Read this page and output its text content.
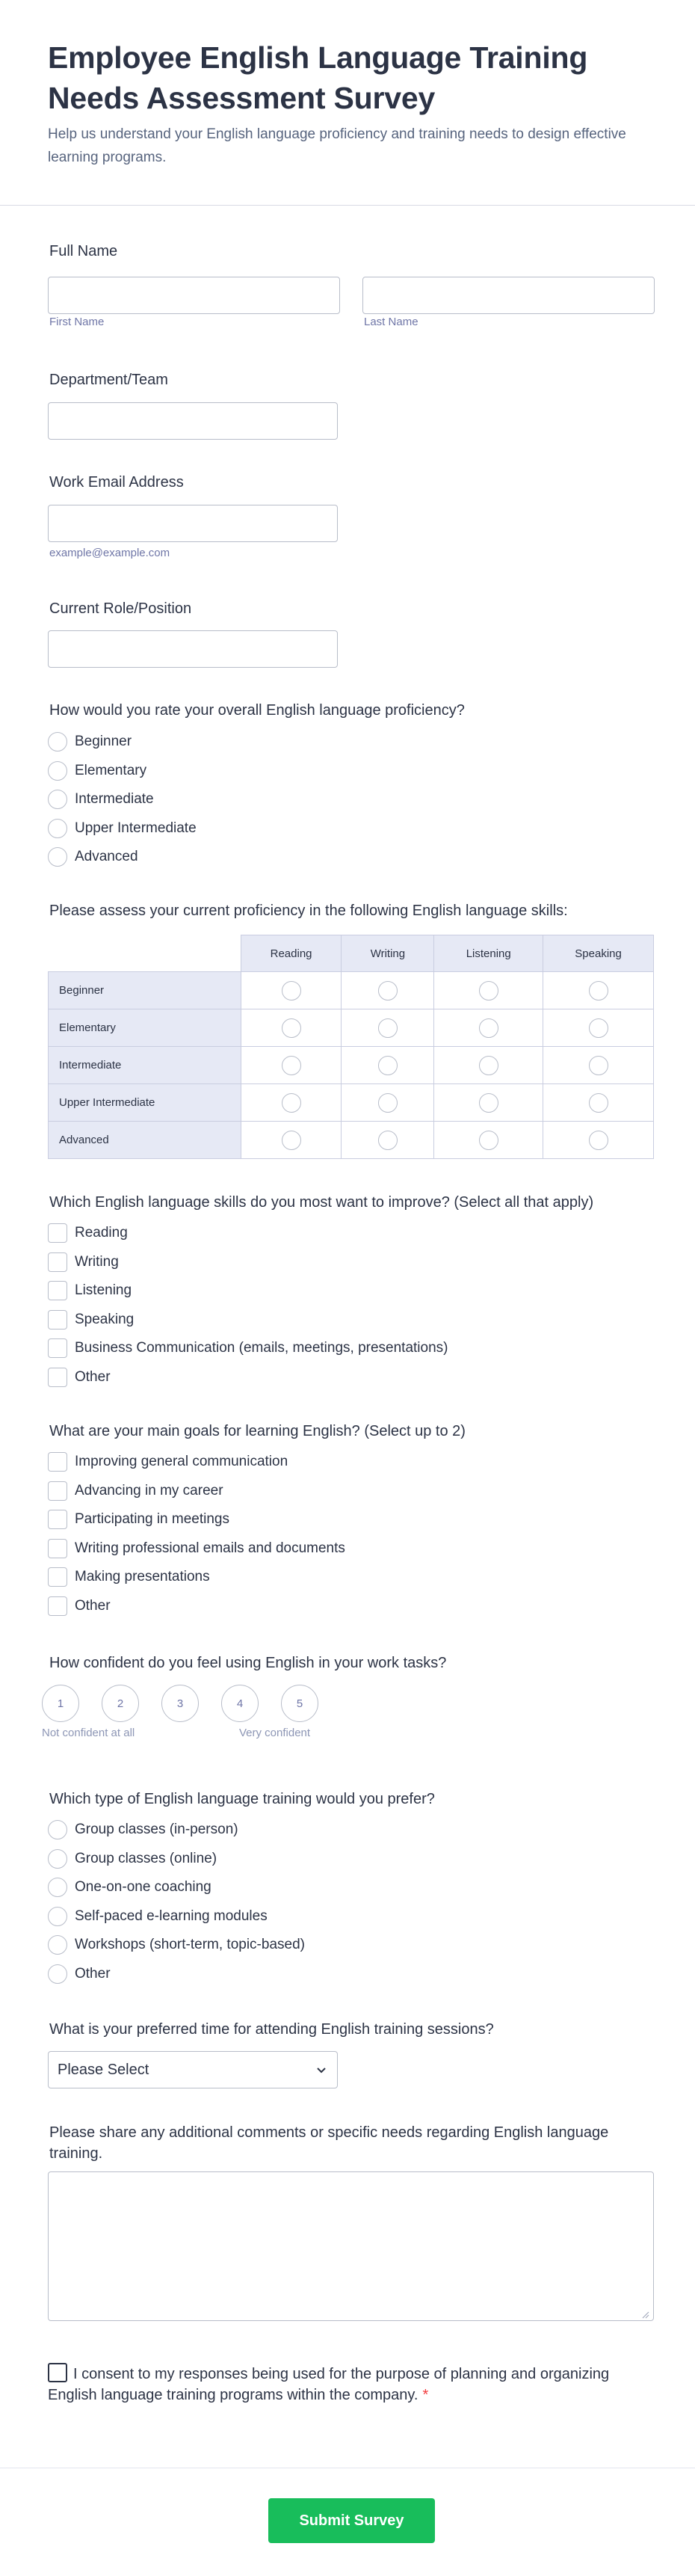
Employee English Language Training Needs Assessment Survey

Help us understand your English language proficiency and training needs to design effective learning programs.

Full Name
First Name	Last Name
Department/Team
Work Email Address
example@example.com
Current Role/Position
How would you rate your overall English language proficiency?
Beginner
Elementary
Intermediate
Upper Intermediate
Advanced
Please assess your current proficiency in the following English language skills:
	Reading	Writing	Listening	Speaking
Beginner				
Elementary				
Intermediate				
Upper Intermediate				
Advanced				
Which English language skills do you most want to improve? (Select all that apply)
Reading
Writing
Listening
Speaking
Business Communication (emails, meetings, presentations)
Other
What are your main goals for learning English? (Select up to 2)
Improving general communication
Advancing in my career
Participating in meetings
Writing professional emails and documents
Making presentations
Other
How confident do you feel using English in your work tasks?
1	2	3	4	5
Not confident at all	Very confident
Which type of English language training would you prefer?
Group classes (in-person)
Group classes (online)
One-on-one coaching
Self-paced e-learning modules
Workshops (short-term, topic-based)
Other
What is your preferred time for attending English training sessions?
Please Select
Please share any additional comments or specific needs regarding English language training.
I consent to my responses being used for the purpose of planning and organizing English language training programs within the company. *
Submit Survey
